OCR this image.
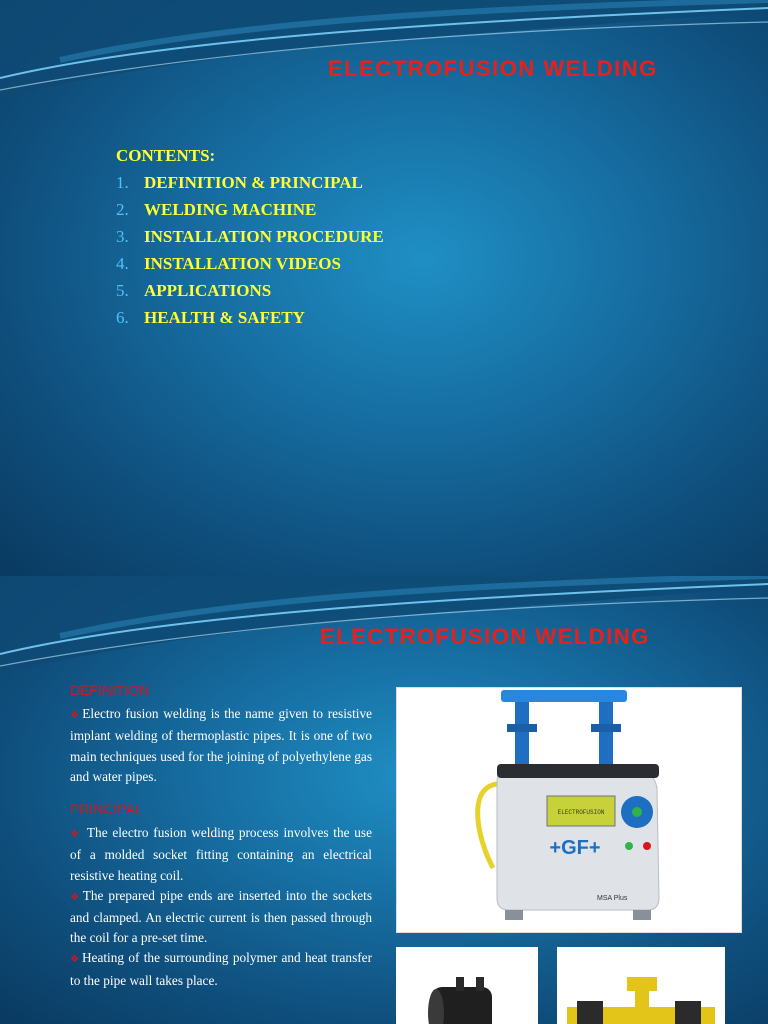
ELECTROFUSION WELDING
CONTENTS:
1. DEFINITION & PRINCIPAL
2. WELDING MACHINE
3. INSTALLATION PROCEDURE
4. INSTALLATION VIDEOS
5. APPLICATIONS
6. HEALTH & SAFETY
ELECTROFUSION WELDING
DEFINITION

❖ Electro fusion welding is the name given to resistive implant welding of thermoplastic pipes. It is one of two main techniques used for the joining of polyethylene gas and water pipes.

PRINCIPAL

❖ The electro fusion welding process involves the use of a molded socket fitting containing an electrical resistive heating coil.

❖ The prepared pipe ends are inserted into the sockets and clamped. An electric current is then passed through the coil for a pre-set time.

❖ Heating of the surrounding polymer and heat transfer to the pipe wall takes place.

ELECTROFUSION
+GF+
MSA Plus
